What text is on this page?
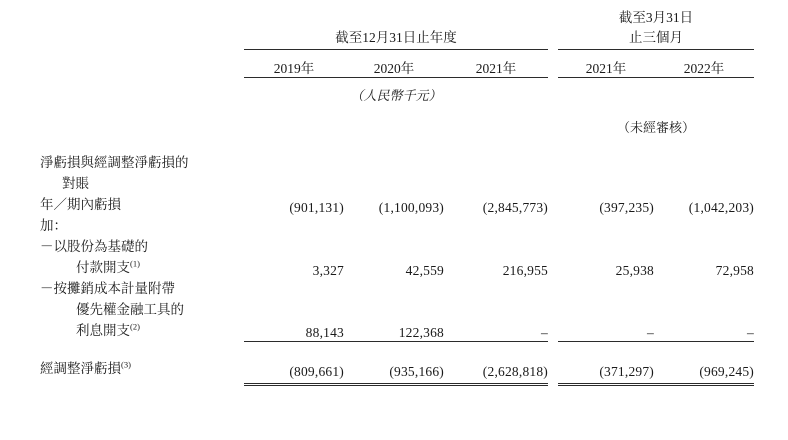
	截至12月31日止年度				截至3月31日
止三個月	

	2019年	2020年	2021年		2021年	2022年

	（人民幣千元）					

					（未經審核）	

淨虧損與經調整淨虧損的						
對賬						
年／期內虧損	(901,131)	(1,100,093)	(2,845,773)		(397,235)	(1,042,203)
加：						
－以股份為基礎的						
付款開支$^{(1)}$	3,327	42,559	216,955		25,938	72,958
－按攤銷成本計量附帶						
優先權金融工具的						
利息開支$^{(2)}$	88,143	122,368	–		–	–

經調整淨虧損$^{(3)}$	(809,661)	(935,166)	(2,628,818)		(371,297)	(969,245)
